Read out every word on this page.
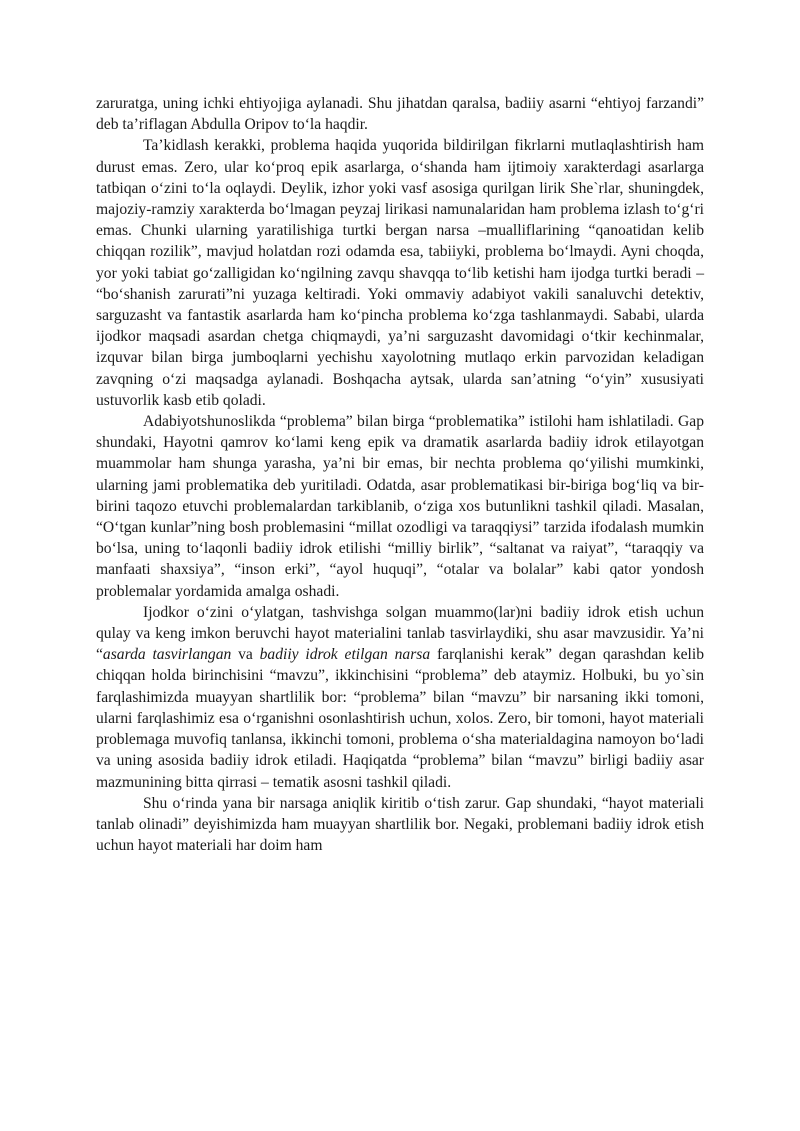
zaruratga, uning ichki ehtiyojiga aylanadi. Shu jihatdan qaralsa, badiiy asarni “ehtiyoj farzandi” deb ta’riflagan Abdulla Oripov to‘la haqdir.

Ta’kidlash kerakki, problema haqida yuqorida bildirilgan fikrlarni mutlaqlashtirish ham durust emas. Zero, ular ko‘proq epik asarlarga, o‘shanda ham ijtimoiy xarakterdagi asarlarga tatbiqan o‘zini to‘la oqlaydi. Deylik, izhor yoki vasf asosiga qurilgan lirik She`rlar, shuningdek, majoziy-ramziy xarakterda bo‘lmagan peyzaj lirikasi namunalaridan ham problema izlash to‘g‘ri emas. Chunki ularning yaratilishiga turtki bergan narsa –mualliflarining “qanoatidan kelib chiqqan rozilik”, mavjud holatdan rozi odamda esa, tabiiyki, problema bo‘lmaydi. Ayni choqda, yor yoki tabiat go‘zalligidan ko‘ngilning zavqu shavqqa to‘lib ketishi ham ijodga turtki beradi – “bo‘shanish zarurati”ni yuzaga keltiradi. Yoki ommaviy adabiyot vakili sanaluvchi detektiv, sarguzasht va fantastik asarlarda ham ko‘pincha problema ko‘zga tashlanmaydi. Sababi, ularda ijodkor maqsadi asardan chetga chiqmaydi, ya’ni sarguzasht davomidagi o‘tkir kechinmalar, izquvar bilan birga jumboqlarni yechishu xayolotning mutlaqo erkin parvozidan keladigan zavqning o‘zi maqsadga aylanadi. Boshqacha aytsak, ularda san’atning “o‘yin” xususiyati ustuvorlik kasb etib qoladi.

Adabiyotshunoslikda “problema” bilan birga “problematika” istilohi ham ishlatiladi. Gap shundaki, Hayotni qamrov ko‘lami keng epik va dramatik asarlarda badiiy idrok etilayotgan muammolar ham shunga yarasha, ya’ni bir emas, bir nechta problema qo‘yilishi mumkinki, ularning jami problematika deb yuritiladi. Odatda, asar problematikasi bir-biriga bog‘liq va bir-birini taqozo etuvchi problemalardan tarkiblanib, o‘ziga xos butunlikni tashkil qiladi. Masalan, “O‘tgan kunlar”ning bosh problemasini “millat ozodligi va taraqqiysi” tarzida ifodalash mumkin bo‘lsa, uning to‘laqonli badiiy idrok etilishi “milliy birlik”, “saltanat va raiyat”, “taraqqiy va manfaati shaxsiya”, “inson erki”, “ayol huquqi”, “otalar va bolalar” kabi qator yondosh problemalar yordamida amalga oshadi.

Ijodkor o‘zini o‘ylatgan, tashvishga solgan muammo(lar)ni badiiy idrok etish uchun qulay va keng imkon beruvchi hayot materialini tanlab tasvirlaydiki, shu asar mavzusidir. Ya’ni “asarda tasvirlangan va badiiy idrok etilgan narsa farqlanishi kerak” degan qarashdan kelib chiqqan holda birinchisini “mavzu”, ikkinchisini “problema” deb ataymiz. Holbuki, bu yo`sin farqlashimizda muayyan shartlilik bor: “problema” bilan “mavzu” bir narsaning ikki tomoni, ularni farqlashimiz esa o‘rganishni osonlashtirish uchun, xolos. Zero, bir tomoni, hayot materiali problemaga muvofiq tanlansa, ikkinchi tomoni, problema o‘sha materialdagina namoyon bo‘ladi va uning asosida badiiy idrok etiladi. Haqiqatda “problema” bilan “mavzu” birligi badiiy asar mazmunining bitta qirrasi – tematik asosni tashkil qiladi.

Shu o‘rinda yana bir narsaga aniqlik kiritib o‘tish zarur. Gap shundaki, “hayot materiali tanlab olinadi” deyishimizda ham muayyan shartlilik bor. Negaki, problemani badiiy idrok etish uchun hayot materiali har doim ham
